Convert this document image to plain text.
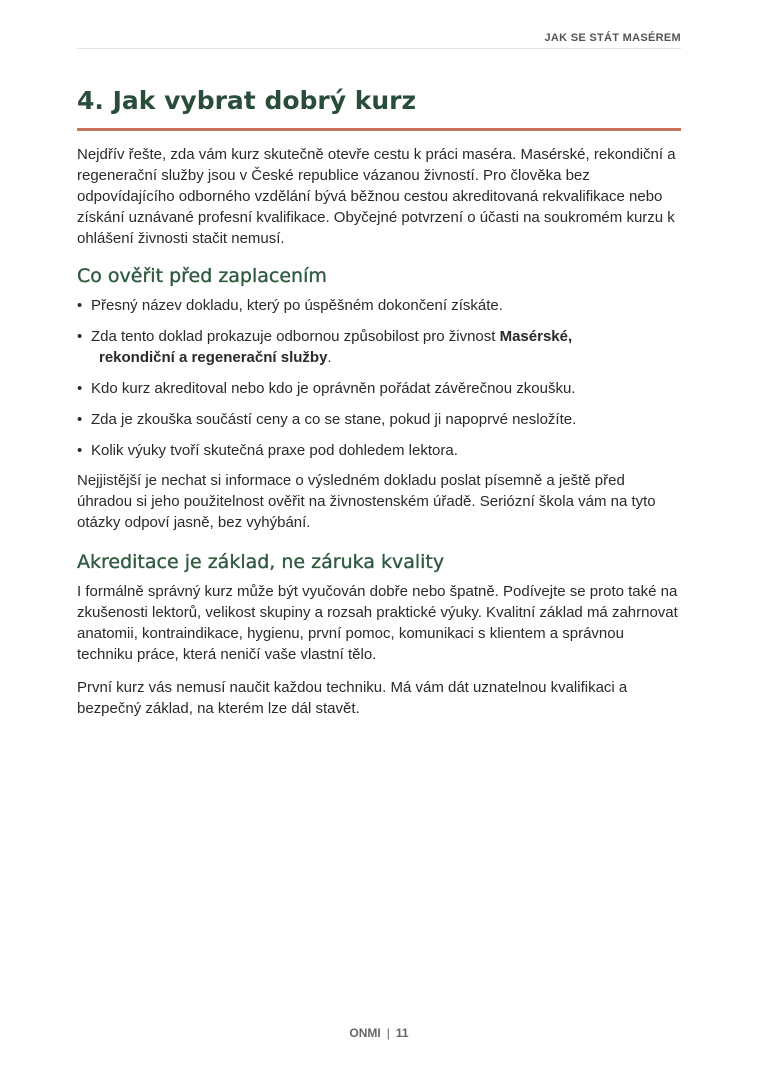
JAK SE STÁT MASÉREM
4. Jak vybrat dobrý kurz

Nejdřív řešte, zda vám kurz skutečně otevře cestu k práci maséra. Masérské, rekondiční a regenerační služby jsou v České republice vázanou živností. Pro člověka bez odpovídajícího odborného vzdělání bývá běžnou cestou akreditovaná rekvalifikace nebo získání uznávané profesní kvalifikace. Obyčejné potvrzení o účasti na soukromém kurzu k ohlášení živnosti stačit nemusí.

Co ověřit před zaplacením
• Přesný název dokladu, který po úspěšném dokončení získáte.
• Zda tento doklad prokazuje odbornou způsobilost pro živnost Masérské,
rekondiční a regenerační služby.
• Kdo kurz akreditoval nebo kdo je oprávněn pořádat závěrečnou zkoušku.
• Zda je zkouška součástí ceny a co se stane, pokud ji napoprvé nesložíte.
• Kolik výuky tvoří skutečná praxe pod dohledem lektora.

Nejjistější je nechat si informace o výsledném dokladu poslat písemně a ještě před úhradou si jeho použitelnost ověřit na živnostenském úřadě. Seriózní škola vám na tyto otázky odpoví jasně, bez vyhýbání.

Akreditace je základ, ne záruka kvality

I formálně správný kurz může být vyučován dobře nebo špatně. Podívejte se proto také na zkušenosti lektorů, velikost skupiny a rozsah praktické výuky. Kvalitní základ má zahrnovat anatomii, kontraindikace, hygienu, první pomoc, komunikaci s klientem a správnou techniku práce, která neničí vaše vlastní tělo.

První kurz vás nemusí naučit každou techniku. Má vám dát uznatelnou kvalifikaci a bezpečný základ, na kterém lze dál stavět.

ONMI | 11
